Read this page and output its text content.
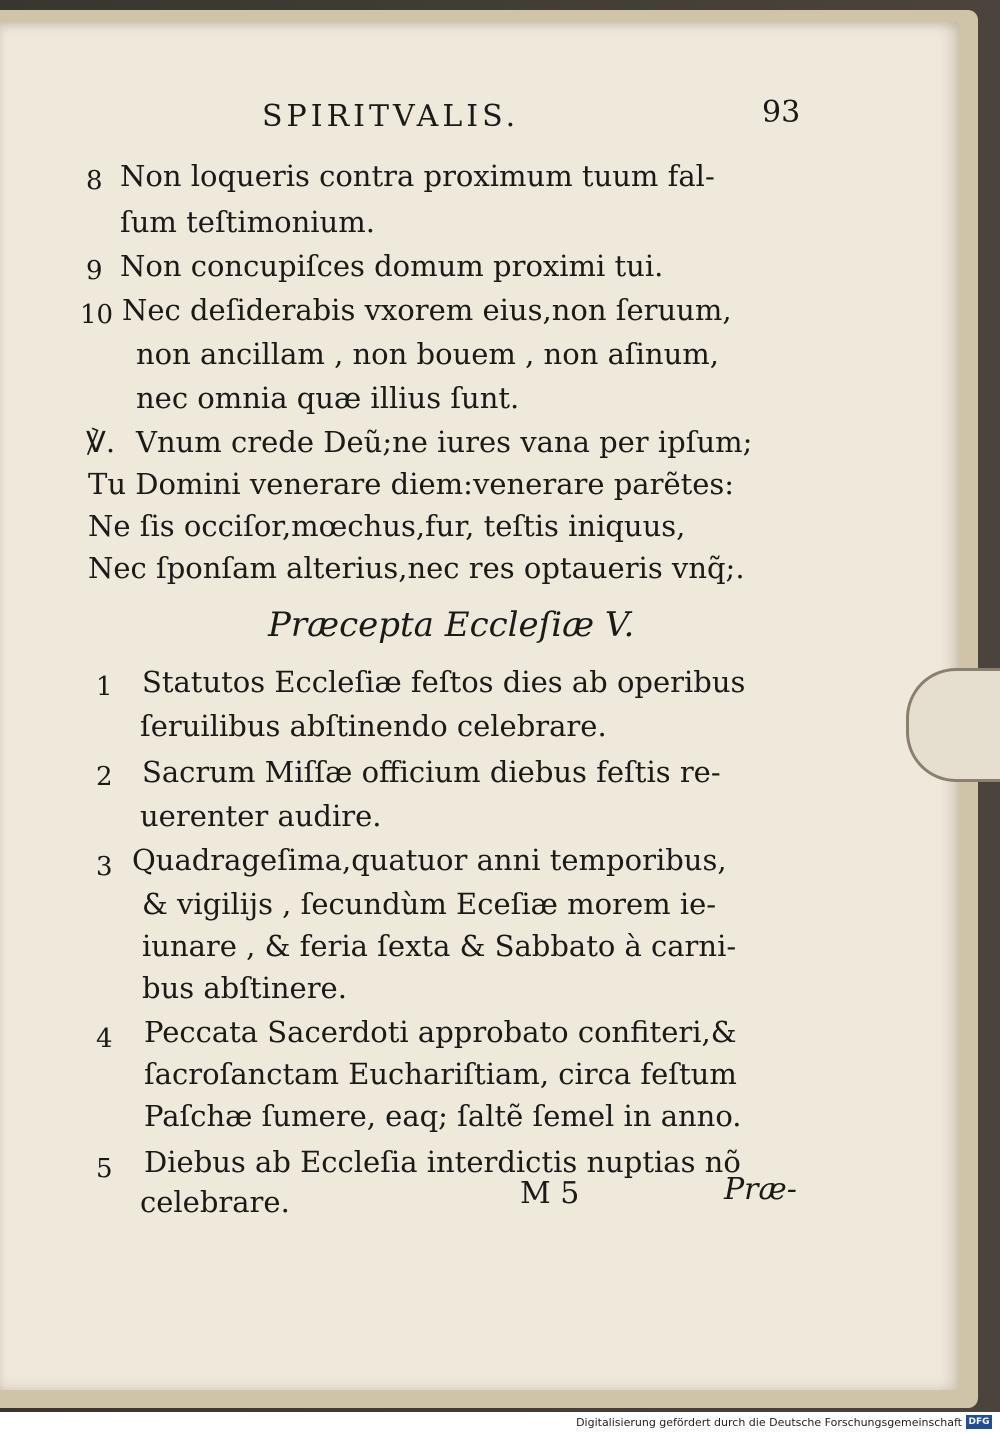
SPIRITVALIS.	93
8 Non loqueris contra proximum tuum fal-
ſum teſtimonium.
9 Non concupiſces domum proximi tui.
10 Nec deſiderabis vxorem eius,non ſeruum,
non ancillam , non bouem , non aſinum,
nec omnia quæ illius ſunt.
℣. Vnum crede Deũ;ne iures vana per ipſum;
Tu Domini venerare diem:venerare parẽtes:
Ne ſis occiſor,mœchus,fur, teſtis iniquus,
Nec ſponſam alterius,nec res optaueris vnq̃;.
Præcepta Eccleſiæ V.
1 Statutos Eccleſiæ feſtos dies ab operibus
ſeruilibus abſtinendo celebrare.
2 Sacrum Miſſæ officium diebus feſtis re-
uerenter audire.
3 Quadrageſima,quatuor anni temporibus,
& vigilijs , ſecundùm Eceſiæ morem ie-
iunare , & feria ſexta & Sabbato à carni-
bus abſtinere.
4 Peccata Sacerdoti approbato confiteri,&
ſacroſanctam Euchariſtiam, circa feſtum
Paſchæ ſumere, eaq; ſaltẽ ſemel in anno.
5 Diebus ab Eccleſia interdictis nuptias nõ
celebrare.	M 5	Præ-
Digitalisierung gefördert durch die Deutsche Forschungsgemeinschaft DFG
